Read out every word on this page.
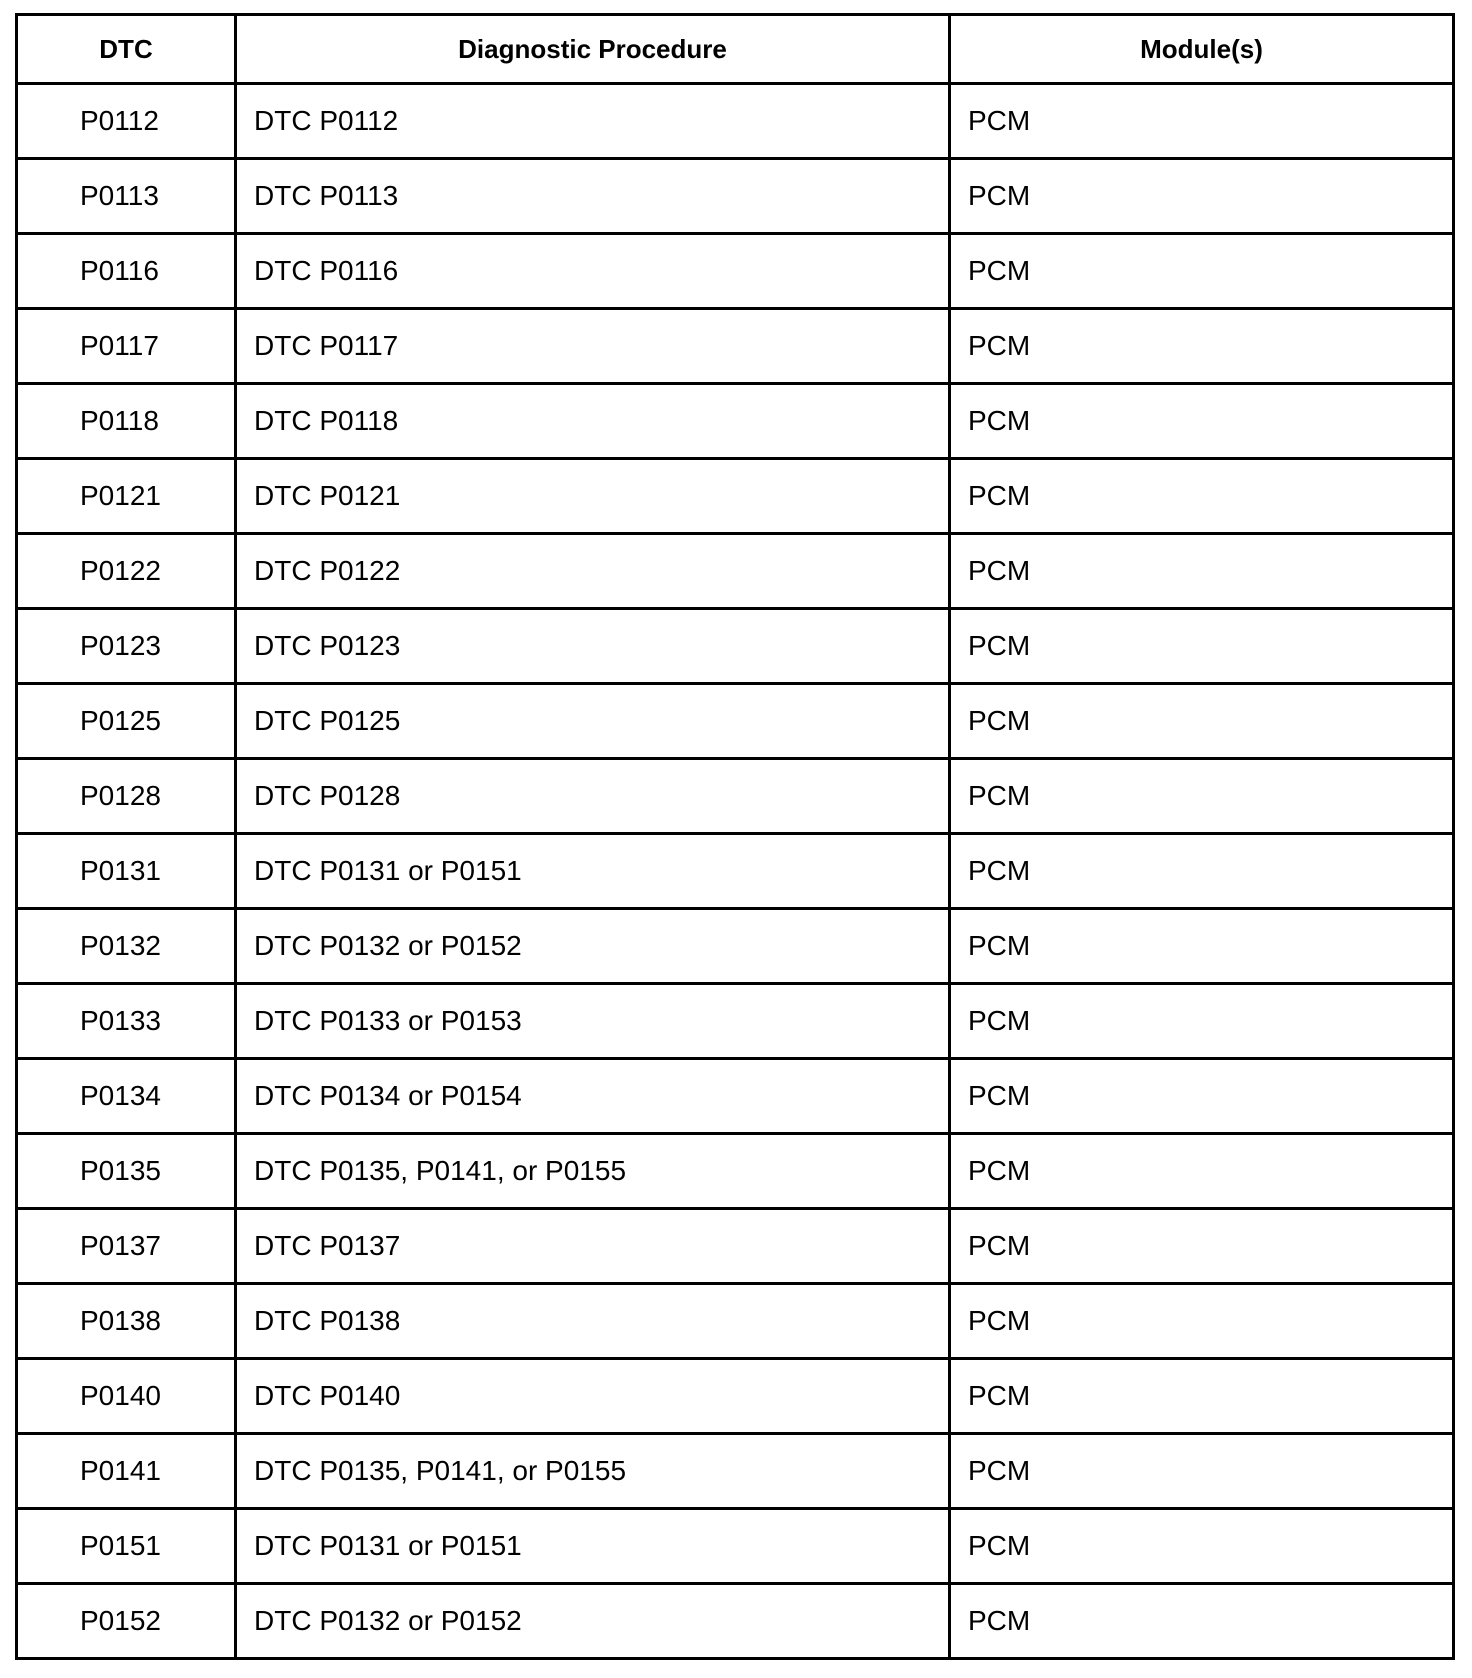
DTC	Diagnostic Procedure	Module(s)
P0112	DTC P0112	PCM
P0113	DTC P0113	PCM
P0116	DTC P0116	PCM
P0117	DTC P0117	PCM
P0118	DTC P0118	PCM
P0121	DTC P0121	PCM
P0122	DTC P0122	PCM
P0123	DTC P0123	PCM
P0125	DTC P0125	PCM
P0128	DTC P0128	PCM
P0131	DTC P0131 or P0151	PCM
P0132	DTC P0132 or P0152	PCM
P0133	DTC P0133 or P0153	PCM
P0134	DTC P0134 or P0154	PCM
P0135	DTC P0135, P0141, or P0155	PCM
P0137	DTC P0137	PCM
P0138	DTC P0138	PCM
P0140	DTC P0140	PCM
P0141	DTC P0135, P0141, or P0155	PCM
P0151	DTC P0131 or P0151	PCM
P0152	DTC P0132 or P0152	PCM
